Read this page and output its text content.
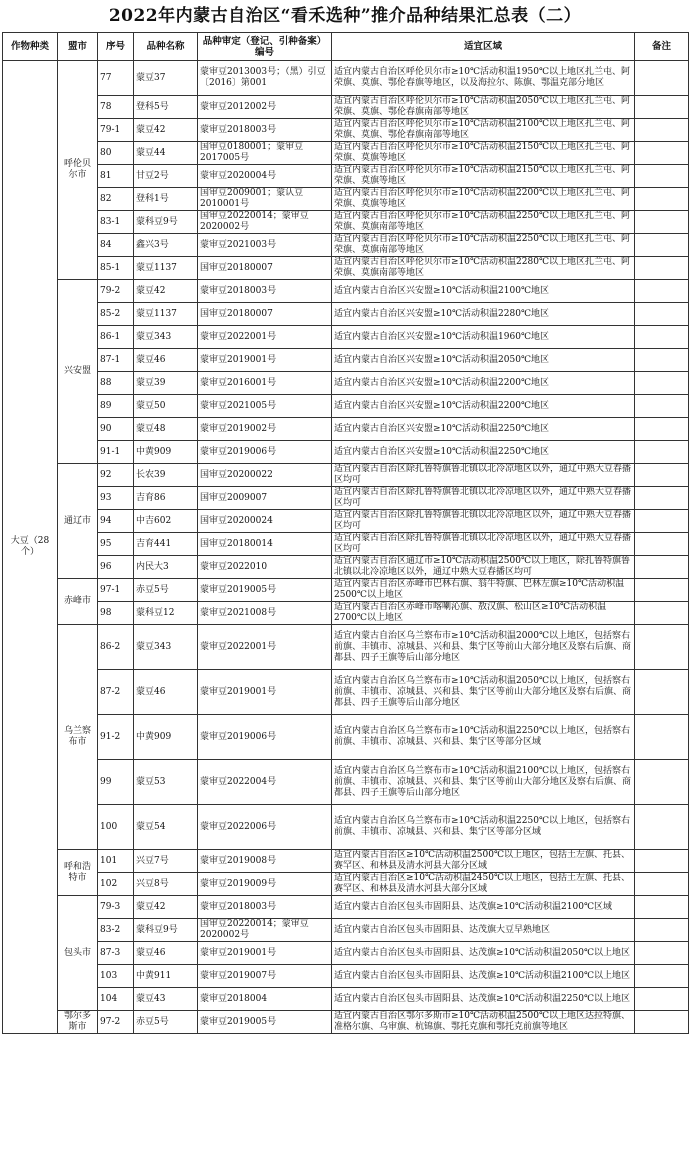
2022年内蒙古自治区“看禾选种”推介品种结果汇总表（二）
作物种类	盟市	序号	品种名称	品种审定（登记、引种备案）编号	适宜区域	备注
大豆（28个）	呼伦贝尔市	77	蒙豆37	蒙审豆2013003号；（黑）引豆〔2016〕第001	适宜内蒙古自治区呼伦贝尔市≥10℃活动积温1950℃以上地区扎兰屯、阿荣旗、莫旗、鄂伦春旗等地区，以及海拉尔、陈旗、鄂温克部分地区	
		78	登科5号	蒙审豆2012002号	适宜内蒙古自治区呼伦贝尔市≥10℃活动积温2050℃以上地区扎兰屯、阿荣旗、莫旗、鄂伦春旗南部等地区	
		79-1	蒙豆42	蒙审豆2018003号	适宜内蒙古自治区呼伦贝尔市≥10℃活动积温2100℃以上地区扎兰屯、阿荣旗、莫旗、鄂伦春旗南部等地区	
		80	蒙豆44	国审豆0180001；蒙审豆2017005号	适宜内蒙古自治区呼伦贝尔市≥10℃活动积温2150℃以上地区扎兰屯、阿荣旗、莫旗等地区	
		81	甘豆2号	蒙审豆2020004号	适宜内蒙古自治区呼伦贝尔市≥10℃活动积温2150℃以上地区扎兰屯、阿荣旗、莫旗等地区	
		82	登科1号	国审豆2009001；蒙认豆2010001号	适宜内蒙古自治区呼伦贝尔市≥10℃活动积温2200℃以上地区扎兰屯、阿荣旗、莫旗等地区	
		83-1	蒙科豆9号	国审豆20220014；蒙审豆2020002号	适宜内蒙古自治区呼伦贝尔市≥10℃活动积温2250℃以上地区扎兰屯、阿荣旗、莫旗南部等地区	
		84	鑫兴3号	蒙审豆2021003号	适宜内蒙古自治区呼伦贝尔市≥10℃活动积温2250℃以上地区扎兰屯、阿荣旗、莫旗南部等地区	
		85-1	蒙豆1137	国审豆20180007	适宜内蒙古自治区呼伦贝尔市≥10℃活动积温2280℃以上地区扎兰屯、阿荣旗、莫旗南部等地区	
	兴安盟	79-2	蒙豆42	蒙审豆2018003号	适宜内蒙古自治区兴安盟≥10℃活动积温2100℃地区	
		85-2	蒙豆1137	国审豆20180007	适宜内蒙古自治区兴安盟≥10℃活动积温2280℃地区	
		86-1	蒙豆343	蒙审豆2022001号	适宜内蒙古自治区兴安盟≥10℃活动积温1960℃地区	
		87-1	蒙豆46	蒙审豆2019001号	适宜内蒙古自治区兴安盟≥10℃活动积温2050℃地区	
		88	蒙豆39	蒙审豆2016001号	适宜内蒙古自治区兴安盟≥10℃活动积温2200℃地区	
		89	蒙豆50	蒙审豆2021005号	适宜内蒙古自治区兴安盟≥10℃活动积温2200℃地区	
		90	蒙豆48	蒙审豆2019002号	适宜内蒙古自治区兴安盟≥10℃活动积温2250℃地区	
		91-1	中黄909	蒙审豆2019006号	适宜内蒙古自治区兴安盟≥10℃活动积温2250℃地区	
	通辽市	92	长农39	国审豆20200022	适宜内蒙古自治区除扎鲁特旗鲁北镇以北冷凉地区以外，通辽中熟大豆春播区均可	
		93	吉育86	国审豆2009007	适宜内蒙古自治区除扎鲁特旗鲁北镇以北冷凉地区以外，通辽中熟大豆春播区均可	
		94	中吉602	国审豆20200024	适宜内蒙古自治区除扎鲁特旗鲁北镇以北冷凉地区以外，通辽中熟大豆春播区均可	
		95	吉育441	国审豆20180014	适宜内蒙古自治区除扎鲁特旗鲁北镇以北冷凉地区以外，通辽中熟大豆春播区均可	
		96	内民大3	蒙审豆2022010	适宜内蒙古自治区通辽市≥10℃活动积温2500℃以上地区，除扎鲁特旗鲁北镇以北冷凉地区以外，通辽中熟大豆春播区均可	
	赤峰市	97-1	赤豆5号	蒙审豆2019005号	适宜内蒙古自治区赤峰市巴林右旗、翁牛特旗、巴林左旗≥10℃活动积温2500℃以上地区	
		98	蒙科豆12	蒙审豆2021008号	适宜内蒙古自治区赤峰市喀喇沁旗、敖汉旗、松山区≥10℃活动积温2700℃以上地区	
	乌兰察布市	86-2	蒙豆343	蒙审豆2022001号	适宜内蒙古自治区乌兰察布市≥10℃活动积温2000℃以上地区，包括察右前旗、丰镇市、凉城县、兴和县、集宁区等前山大部分地区及察右后旗、商都县、四子王旗等后山部分地区	
		87-2	蒙豆46	蒙审豆2019001号	适宜内蒙古自治区乌兰察布市≥10℃活动积温2050℃以上地区，包括察右前旗、丰镇市、凉城县、兴和县、集宁区等前山大部分地区及察右后旗、商都县、四子王旗等后山部分地区	
		91-2	中黄909	蒙审豆2019006号	适宜内蒙古自治区乌兰察布市≥10℃活动积温2250℃以上地区，包括察右前旗、丰镇市、凉城县、兴和县、集宁区等部分区域	
		99	蒙豆53	蒙审豆2022004号	适宜内蒙古自治区乌兰察布市≥10℃活动积温2100℃以上地区，包括察右前旗、丰镇市、凉城县、兴和县、集宁区等前山大部分地区及察右后旗、商都县、四子王旗等后山部分地区	
		100	蒙豆54	蒙审豆2022006号	适宜内蒙古自治区乌兰察布市≥10℃活动积温2250℃以上地区，包括察右前旗、丰镇市、凉城县、兴和县、集宁区等部分区域	
	呼和浩特市	101	兴豆7号	蒙审豆2019008号	适宜内蒙古自治区≥10℃活动积温2500℃以上地区，包括土左旗、托县、赛罕区、和林县及清水河县大部分区域	
		102	兴豆8号	蒙审豆2019009号	适宜内蒙古自治区≥10℃活动积温2450℃以上地区，包括土左旗、托县、赛罕区、和林县及清水河县大部分区域	
	包头市	79-3	蒙豆42	蒙审豆2018003号	适宜内蒙古自治区包头市固阳县、达茂旗≥10℃活动积温2100℃区域	
		83-2	蒙科豆9号	国审豆20220014；蒙审豆2020002号	适宜内蒙古自治区包头市固阳县、达茂旗大豆早熟地区	
		87-3	蒙豆46	蒙审豆2019001号	适宜内蒙古自治区包头市固阳县、达茂旗≥10℃活动积温2050℃以上地区	
		103	中黄911	蒙审豆2019007号	适宜内蒙古自治区包头市固阳县、达茂旗≥10℃活动积温2100℃以上地区	
		104	蒙豆43	蒙审豆2018004	适宜内蒙古自治区包头市固阳县、达茂旗≥10℃活动积温2250℃以上地区	
	鄂尔多斯市	97-2	赤豆5号	蒙审豆2019005号	适宜内蒙古自治区鄂尔多斯市≥10℃活动积温2500℃以上地区达拉特旗、准格尔旗、乌审旗、杭锦旗、鄂托克旗和鄂托克前旗等地区	
